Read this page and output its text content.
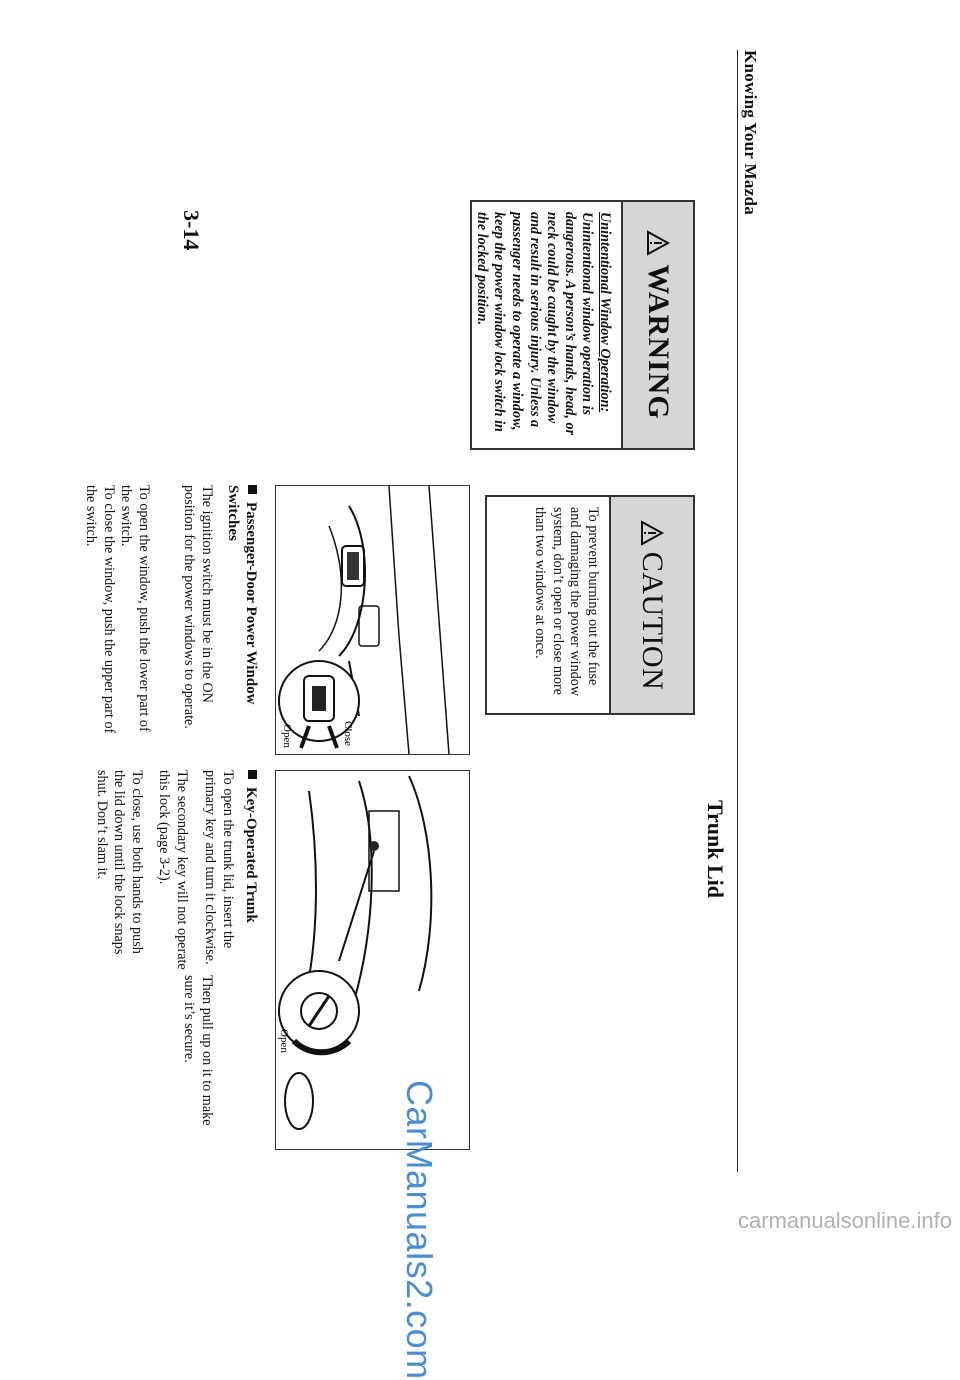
Knowing Your Mazda
3-14
Trunk Lid
WARNING
Unintentional Window Operation: Unintentional window operation is dangerous. A person’s hands, head, or neck could be caught by the window and result in serious injury. Unless a passenger needs to operate a window, keep the power window lock switch in the locked position.
CAUTION
To prevent burning out the fuse and damaging the power window system, don’t open or close more than two windows at once.
Close
Open
Open
Passenger-Door Power Window Switches
The ignition switch must be in the ON position for the power windows to operate.
To open the window, push the lower part of the switch.
To close the window, push the upper part of the switch.
Key-Operated Trunk
To open the trunk lid, insert the primary key and turn it clockwise.
The secondary key will not operate this lock (page 3-2).
To close, use both hands to push the lid down until the lock snaps shut. Don’t slam it.
Then pull up on it to make sure it’s secure.
CarManuals2.com	carmanualsonline.info
